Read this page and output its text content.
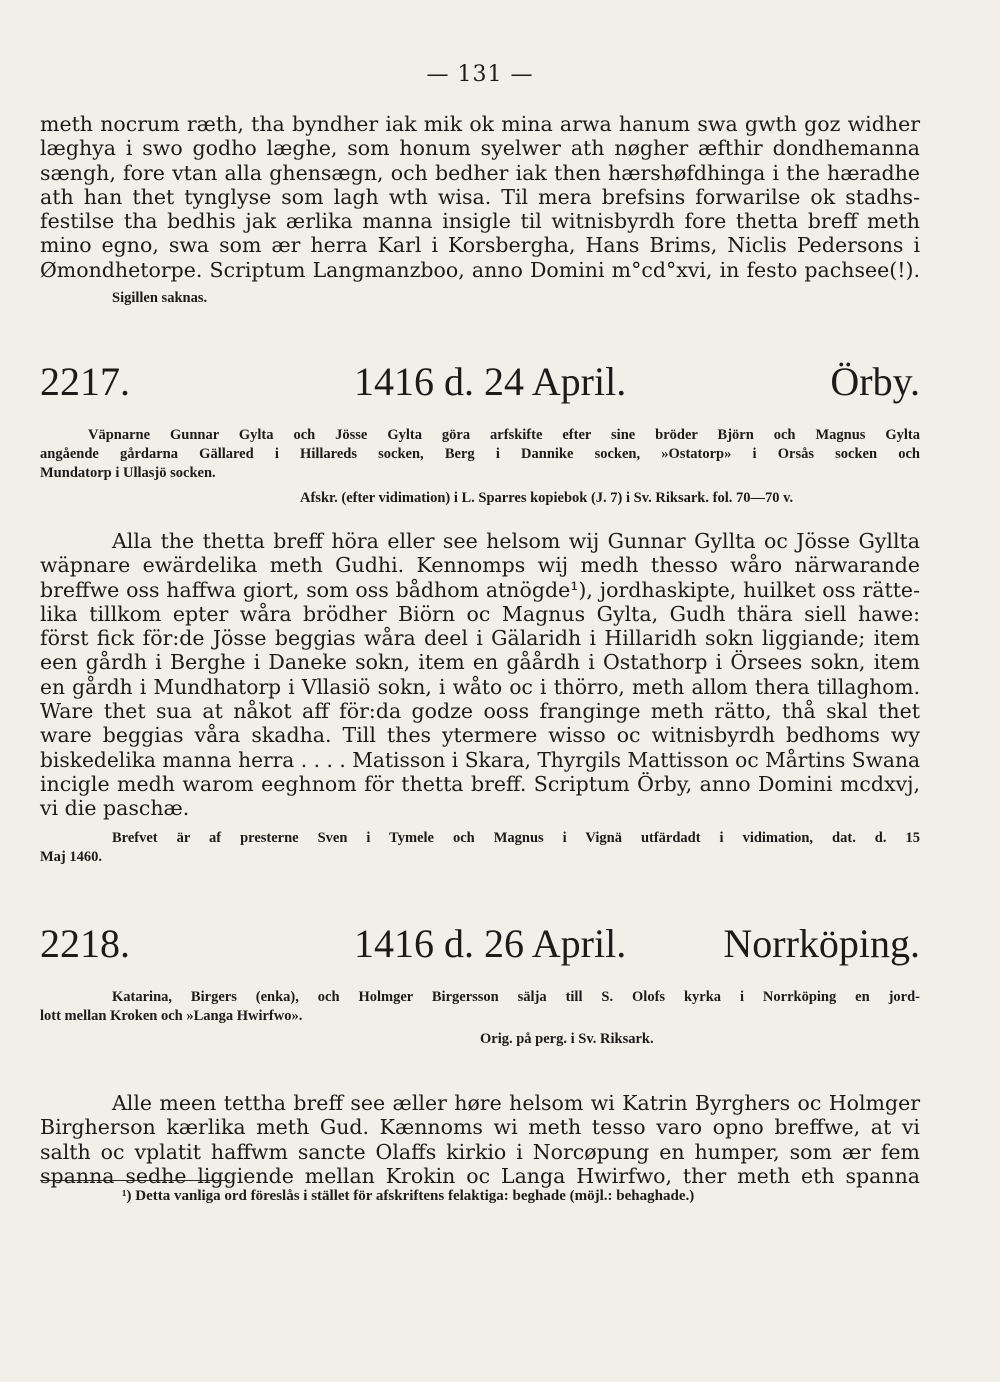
— 131 —
meth nocrum ræth, tha byndher iak mik ok mina arwa hanum swa gwth goz widher
læghya i swo godho læghe, som honum syelwer ath nøgher æfthir dondhemanna
sængh, fore vtan alla ghensægn, och bedher iak then hærshøfdhinga i the hæradhe
ath han thet tynglyse som lagh wth wisa. Til mera brefsins forwarilse ok stadhs-
festilse tha bedhis jak ærlika manna insigle til witnisbyrdh fore thetta breff meth
mino egno, swa som ær herra Karl i Korsbergha, Hans Brims, Niclis Pedersons i
Ømondhetorpe. Scriptum Langmanzboo, anno Domini m°cd°xvi, in festo pachsee(!).
Sigillen saknas.
2217.	1416 d. 24 April.	Örby.
Väpnarne Gunnar Gylta och Jösse Gylta göra arfskifte efter sine bröder Björn och Magnus Gylta
angående gårdarna Gällared i Hillareds socken, Berg i Dannike socken, »Ostatorp» i Orsås socken och
Mundatorp i Ullasjö socken.
Afskr. (efter vidimation) i L. Sparres kopiebok (J. 7) i Sv. Riksark. fol. 70—70 v.
Alla the thetta breff höra eller see helsom wij Gunnar Gyllta oc Jösse Gyllta
wäpnare ewärdelika meth Gudhi. Kennomps wij medh thesso wåro närwarande
breffwe oss haffwa giort, som oss bådhom atnögde¹), jordhaskipte, huilket oss rätte-
lika tillkom epter wåra brödher Biörn oc Magnus Gylta, Gudh thära siell hawe:
först fick för:de Jösse beggias wåra deel i Gälaridh i Hillaridh sokn liggiande; item
een gårdh i Berghe i Daneke sokn, item en gåårdh i Ostathorp i Örsees sokn, item
en gårdh i Mundhatorp i Vllasiö sokn, i wåto oc i thörro, meth allom thera tillaghom.
Ware thet sua at nåkot aff för:da godze ooss franginge meth rätto, thå skal thet
ware beggias våra skadha. Till thes ytermere wisso oc witnisbyrdh bedhoms wy
biskedelika manna herra . . . . Matisson i Skara, Thyrgils Mattisson oc Mårtins Swana
incigle medh warom eeghnom för thetta breff. Scriptum Örby, anno Domini mcdxvj,
vi die paschæ.
Brefvet är af presterne Sven i Tymele och Magnus i Vignä utfärdadt i vidimation, dat. d. 15
Maj 1460.
2218.	1416 d. 26 April. Norrköping.
Katarina, Birgers (enka), och Holmger Birgersson sälja till S. Olofs kyrka i Norrköping en jord-
lott mellan Kroken och »Langa Hwirfwo».
Orig. på perg. i Sv. Riksark.
Alle meen tettha breff see æller høre helsom wi Katrin Byrghers oc Holmger
Birgherson kærlika meth Gud. Kænnoms wi meth tesso varo opno breffwe, at vi
salth oc vplatit haffwm sancte Olaffs kirkio i Norcøpung en humper, som ær fem
spanna sedhe liggiende mellan Krokin oc Langa Hwirfwo, ther meth eth spanna
¹) Detta vanliga ord föreslås i stället för afskriftens felaktiga: beghade (möjl.: behaghade.)
